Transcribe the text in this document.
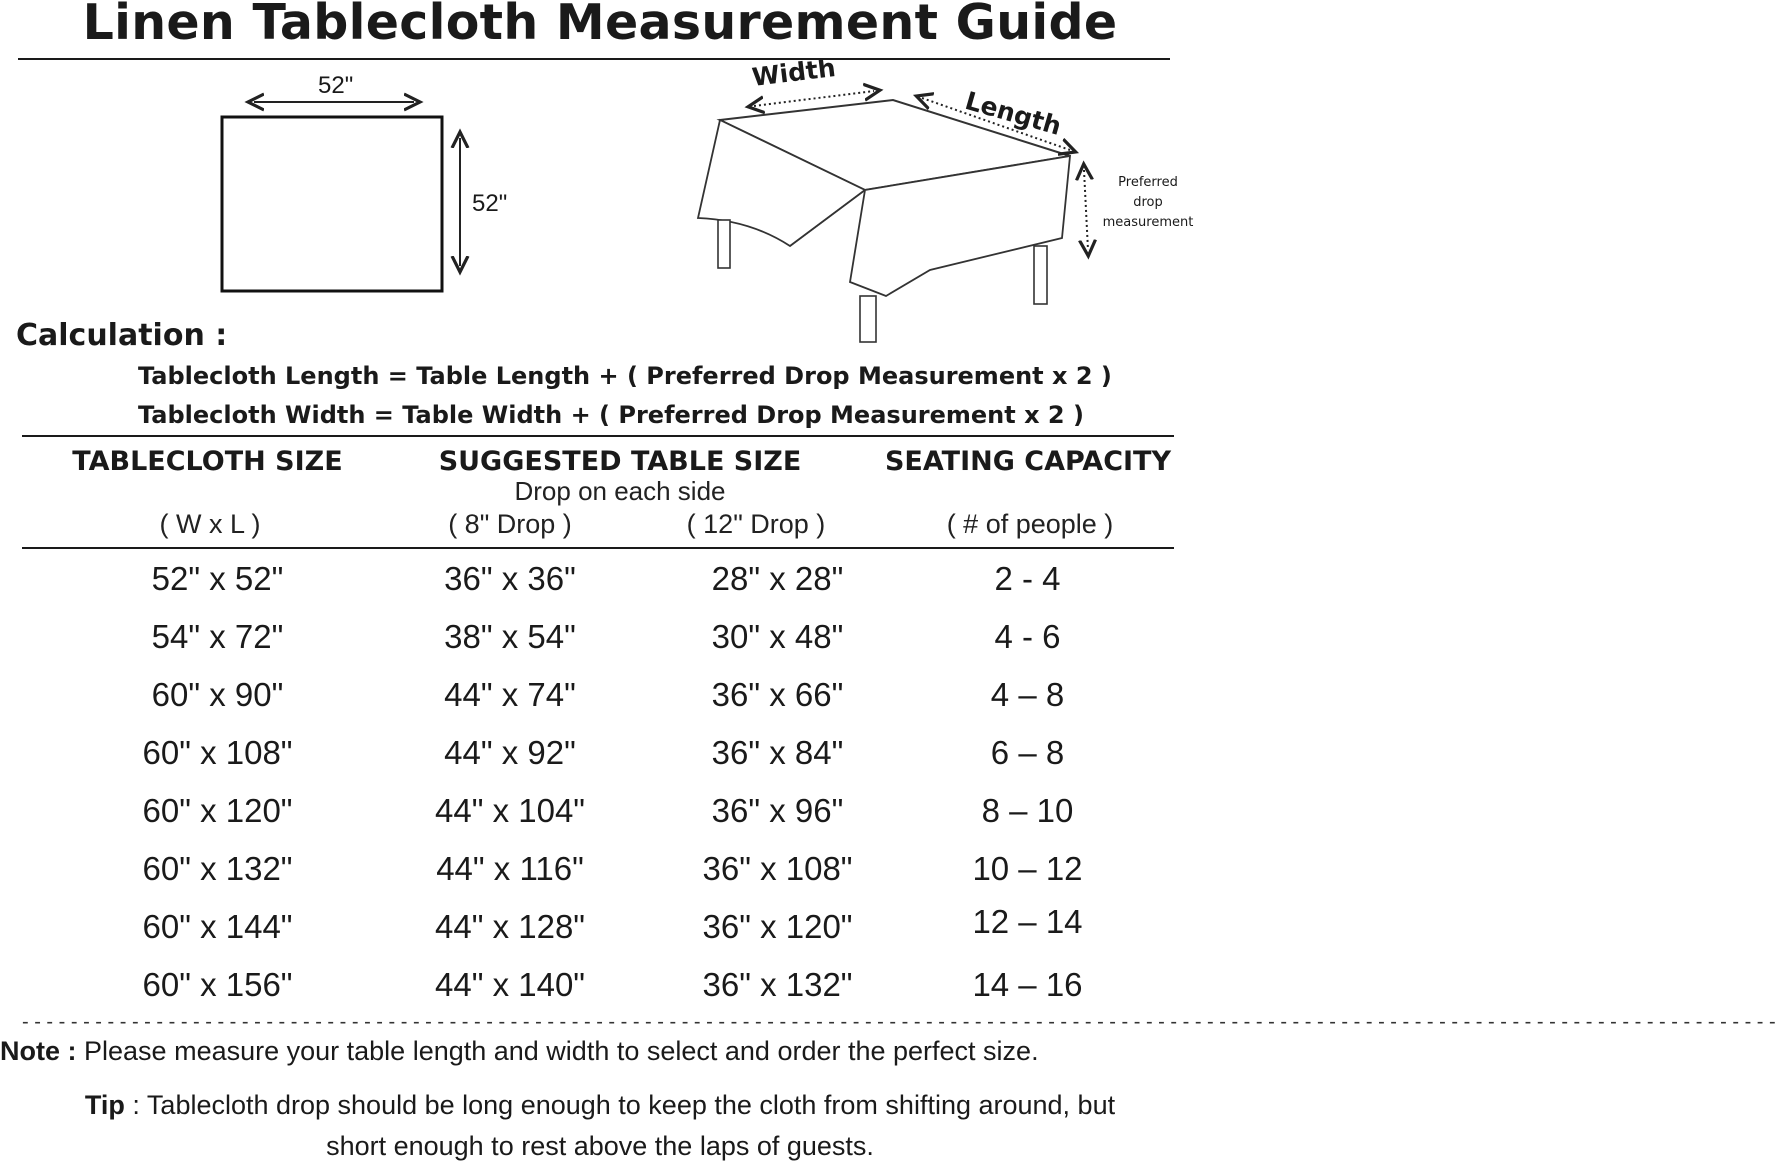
Linen Tablecloth Measurement Guide
52"
52"
Width
Length
Preferred
drop
measurement
Calculation :
Tablecloth Length = Table Length + ( Preferred Drop Measurement x 2 )
Tablecloth Width = Table Width + ( Preferred Drop Measurement x 2 )
TABLECLOTH SIZE	SUGGESTED TABLE SIZE	SEATING CAPACITY
Drop on each side
( W x L )	( 8" Drop )	( 12" Drop )	( # of people )
52" x 52"	36" x 36"	28" x 28"	2 - 4
54" x 72"	38" x 54"	30" x 48"	4 - 6
60" x 90"	44" x 74"	36" x 66"	4 – 8
60" x 108"	44" x 92"	36" x 84"	6 – 8
60" x 120"	44" x 104"	36" x 96"	8 – 10
60" x 132"	44" x 116"	36" x 108"	10 – 12
60" x 144"	44" x 128"	36" x 120"	12 – 14
60" x 156"	44" x 140"	36" x 132"	14 – 16
- - - - - - - - - - - - - - - - - - - - - - - - - - - - - - - - - - - - - - - - - - - - - - - - - - - - - - - - - - - - - - - - - - - - - - - - - - - - - - - - - - - - - - - - - - - - - - - - - - - - - - - - - - - - - - - - - - - - - - - - - - - - - - - - - - - - - - - - - - - - - - - -
Note : Please measure your table length and width to select and order the perfect size.
Tip : Tablecloth drop should be long enough to keep the cloth from shifting around, but
short enough to rest above the laps of guests.
